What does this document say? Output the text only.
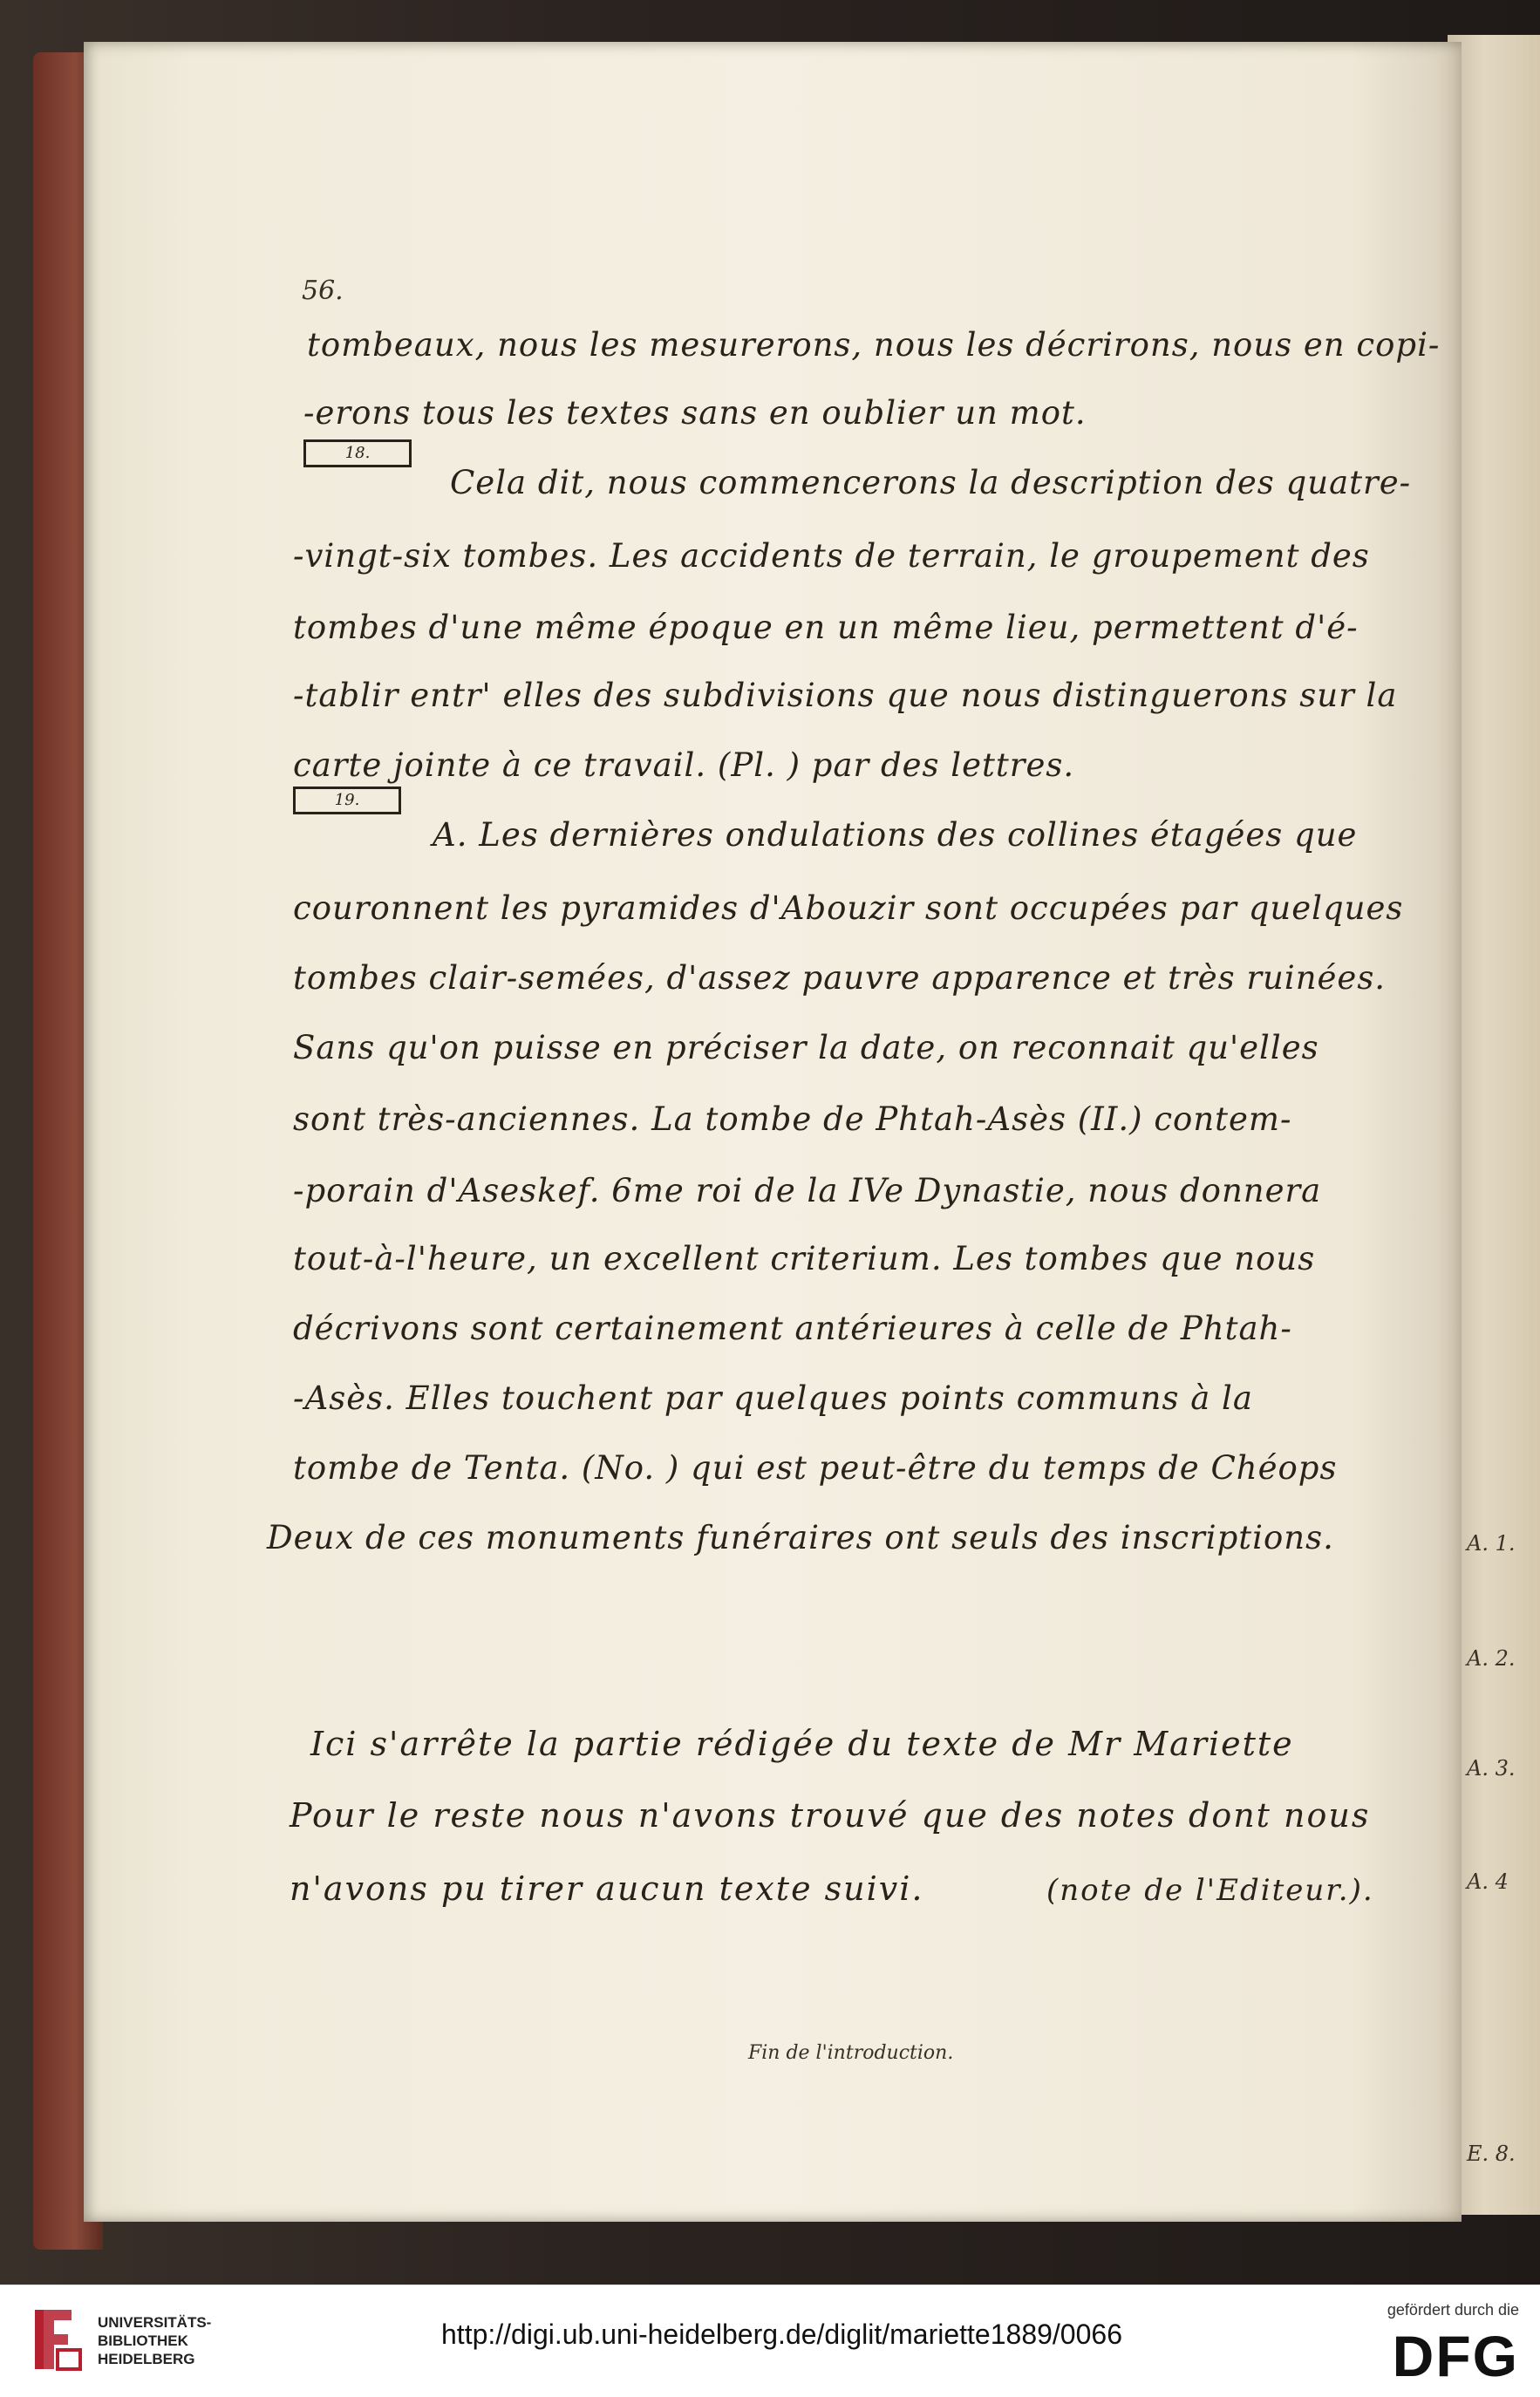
A. 1.
A. 2.
A. 3.
A. 4
E. 8.
56.
tombeaux, nous les mesurerons, nous les décrirons, nous en copi-
-erons tous les textes sans en oublier un mot.
18.
Cela dit, nous commencerons la description des quatre-
-vingt-six tombes. Les accidents de terrain, le groupement des
tombes d'une même époque en un même lieu, permettent d'é-
-tablir entr' elles des subdivisions que nous distinguerons sur la
carte jointe à ce travail. (Pl. ) par des lettres.
19.
A. Les dernières ondulations des collines étagées que
couronnent les pyramides d'Abouzir sont occupées par quelques
tombes clair-semées, d'assez pauvre apparence et très ruinées.
Sans qu'on puisse en préciser la date, on reconnait qu'elles
sont très-anciennes. La tombe de Phtah-Asès (II.) contem-
-porain d'Aseskef. 6me roi de la IVe Dynastie, nous donnera
tout-à-l'heure, un excellent criterium. Les tombes que nous
décrivons sont certainement antérieures à celle de Phtah-
-Asès. Elles touchent par quelques points communs à la
tombe de Tenta. (No. ) qui est peut-être du temps de Chéops
Deux de ces monuments funéraires ont seuls des inscriptions.
Ici s'arrête la partie rédigée du texte de Mr Mariette
Pour le reste nous n'avons trouvé que des notes dont nous
n'avons pu tirer aucun texte suivi.	(note de l'Editeur.).
Fin de l'introduction.
UNIVERSITÄTS-
BIBLIOTHEK
HEIDELBERG
http://digi.ub.uni-heidelberg.de/diglit/mariette1889/0066
gefördert durch die
DFG
